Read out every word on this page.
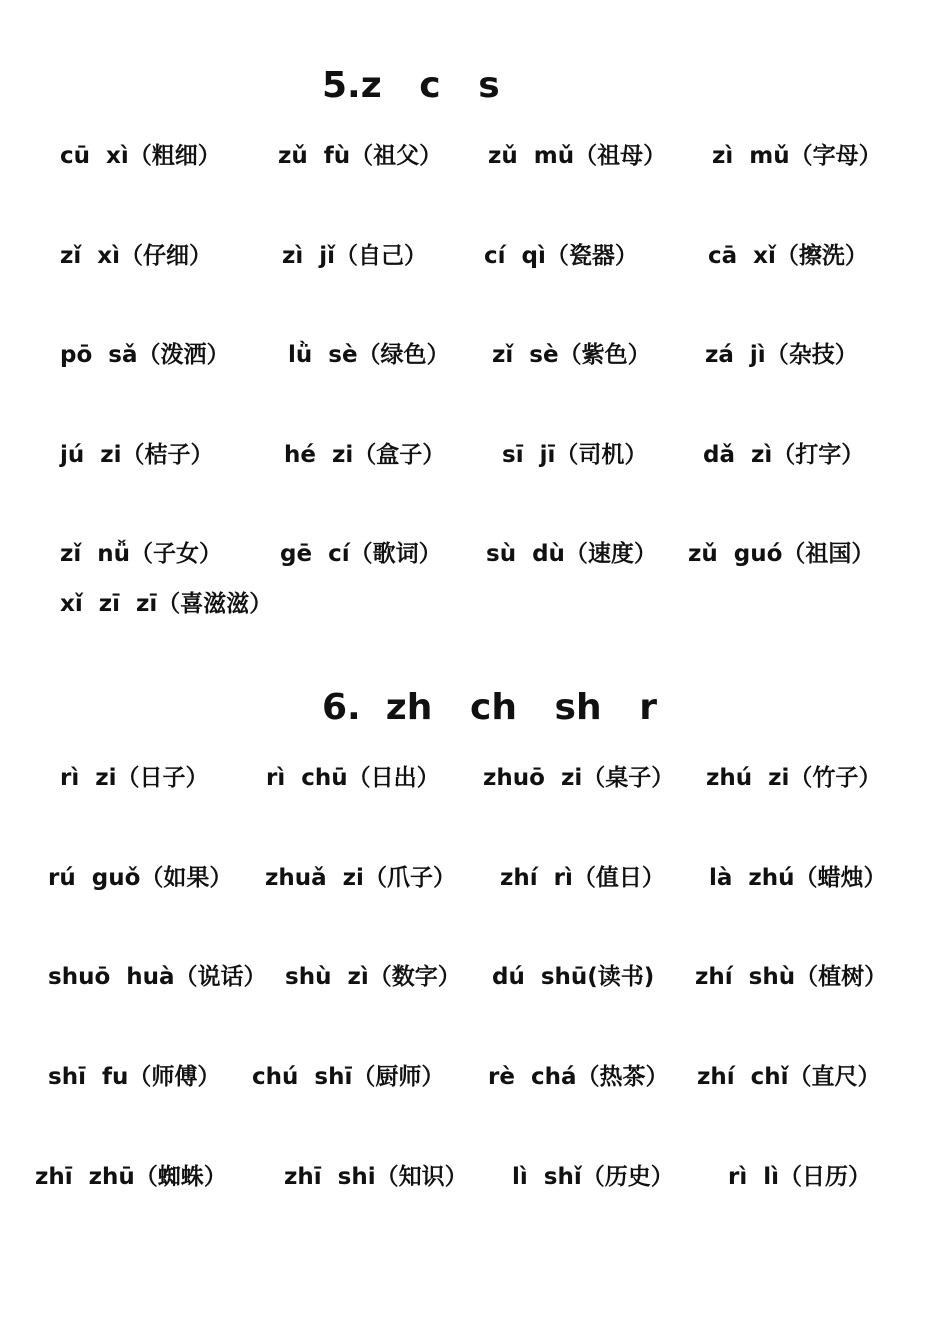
5.z   c   s
cū  xì（粗细） zǔ  fù（祖父） zǔ  mǔ（祖母） zì  mǔ（字母）
zǐ  xì（仔细）	zì  jǐ（自己） cí  qì（瓷器）	cā  xǐ（擦洗）
pō  sǎ（泼洒）	lǜ  sè（绿色） zǐ  sè（紫色） zá  jì（杂技）
jú  zi（桔子）	hé  zi（盒子） sī  jī（司机） dǎ  zì（打字）
zǐ  nǚ（子女）	gē  cí（歌词） sù  dù（速度） zǔ  guó（祖国）
xǐ  zī  zī（喜滋滋）
6.  zh   ch   sh   r
rì  zi（日子） rì  chū（日出） zhuō  zi（桌子） zhú  zi（竹子）
rú  guǒ（如果） zhuǎ  zi（爪子） zhí  rì（值日） là  zhú（蜡烛）
shuō  huà（说话） shù  zì（数字） dú  shū(读书) zhí  shù（植树）
shī  fu（师傅） chú  shī（厨师） rè  chá（热茶） zhí  chǐ（直尺）
zhī  zhū（蜘蛛） zhī  shi（知识） lì  shǐ（历史） rì  lì（日历）
